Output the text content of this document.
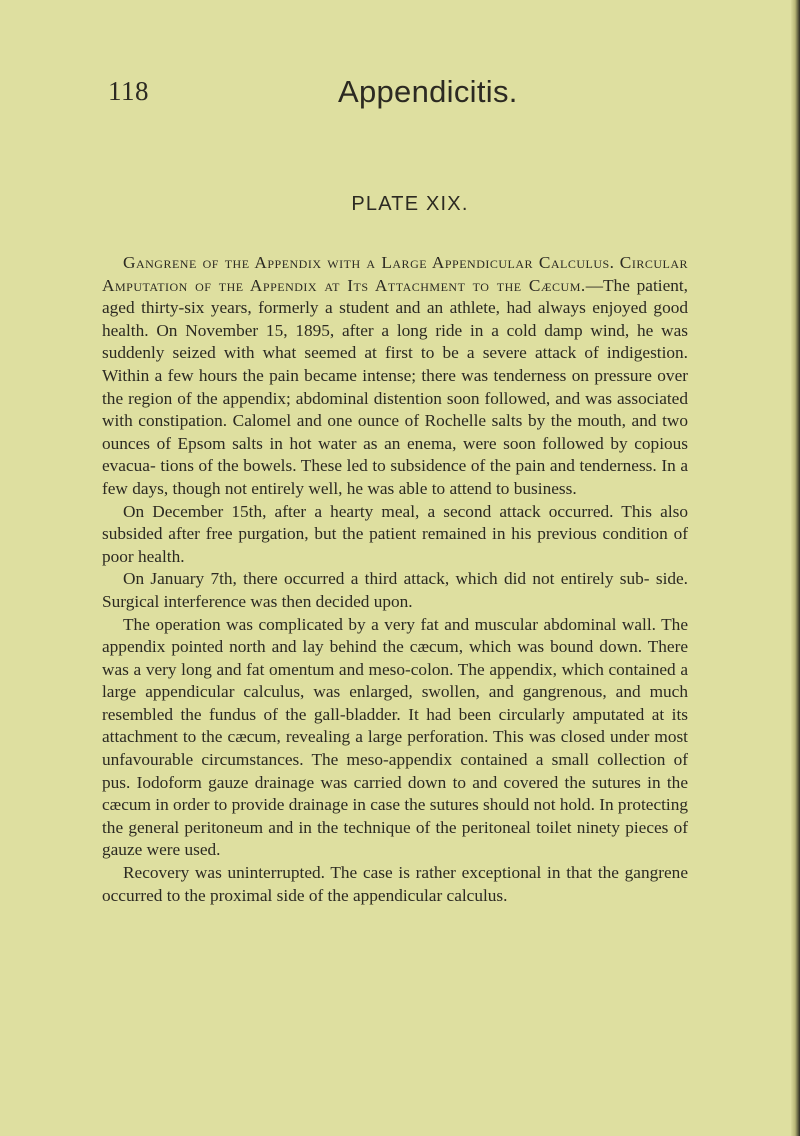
118	Appendicitis.
PLATE XIX.

Gangrene of the Appendix with a Large Appendicular Calculus. Circular Amputation of the Appendix at Its Attachment to the Cæcum.—The patient, aged thirty-six years, formerly a student and an athlete, had always enjoyed good health. On November 15, 1895, after a long ride in a cold damp wind, he was suddenly seized with what seemed at first to be a severe attack of indigestion. Within a few hours the pain became intense; there was tenderness on pressure over the region of the appendix; abdominal distention soon followed, and was associated with constipation. Calomel and one ounce of Rochelle salts by the mouth, and two ounces of Epsom salts in hot water as an enema, were soon followed by copious evacua- tions of the bowels. These led to subsidence of the pain and tenderness. In a few days, though not entirely well, he was able to attend to business.

On December 15th, after a hearty meal, a second attack occurred. This also subsided after free purgation, but the patient remained in his previous condition of poor health.

On January 7th, there occurred a third attack, which did not entirely sub- side. Surgical interference was then decided upon.

The operation was complicated by a very fat and muscular abdominal wall. The appendix pointed north and lay behind the cæcum, which was bound down. There was a very long and fat omentum and meso-colon. The appendix, which contained a large appendicular calculus, was enlarged, swollen, and gangrenous, and much resembled the fundus of the gall-bladder. It had been circularly amputated at its attachment to the cæcum, revealing a large perforation. This was closed under most unfavourable circumstances. The meso-appendix contained a small collection of pus. Iodoform gauze drainage was carried down to and covered the sutures in the cæcum in order to provide drainage in case the sutures should not hold. In protecting the general peritoneum and in the technique of the peritoneal toilet ninety pieces of gauze were used.

Recovery was uninterrupted. The case is rather exceptional in that the gangrene occurred to the proximal side of the appendicular calculus.
